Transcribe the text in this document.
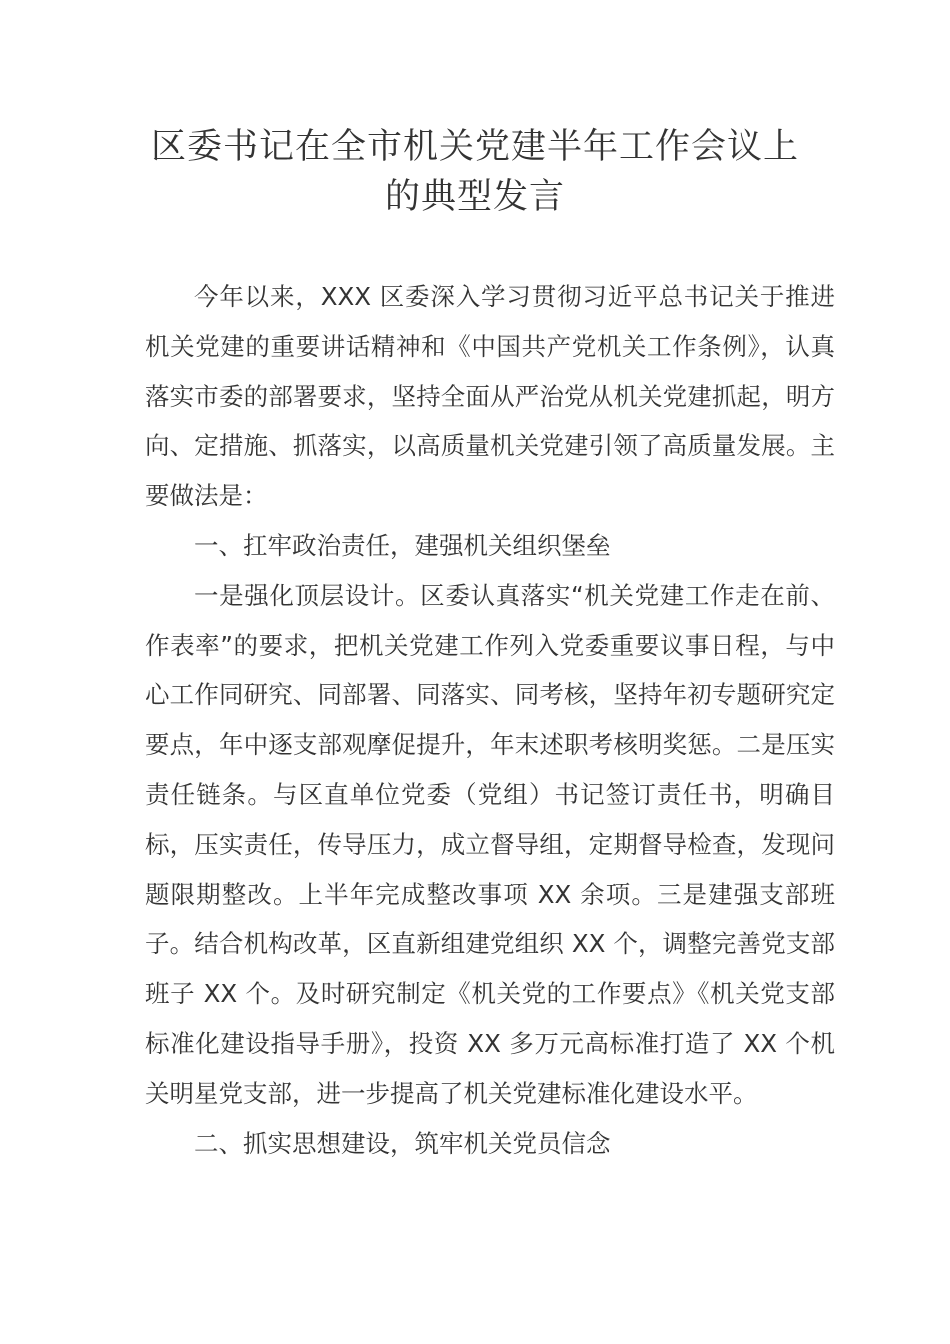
区委书记在全市机关党建半年工作会议上
的典型发言

今年以来，XXX 区委深入学习贯彻习近平总书记关于推进机关党建的重要讲话精神和《中国共产党机关工作条例》，认真落实市委的部署要求，坚持全面从严治党从机关党建抓起，明方向、定措施、抓落实，以高质量机关党建引领了高质量发展。主要做法是：

一、扛牢政治责任，建强机关组织堡垒

一是强化顶层设计。区委认真落实“机关党建工作走在前、作表率”的要求，把机关党建工作列入党委重要议事日程，与中心工作同研究、同部署、同落实、同考核，坚持年初专题研究定要点，年中逐支部观摩促提升，年末述职考核明奖惩。二是压实责任链条。与区直单位党委（党组）书记签订责任书，明确目标，压实责任，传导压力，成立督导组，定期督导检查，发现问题限期整改。上半年完成整改事项 XX 余项。三是建强支部班子。结合机构改革，区直新组建党组织 XX 个，调整完善党支部班子 XX 个。及时研究制定《机关党的工作要点》《机关党支部标准化建设指导手册》，投资 XX 多万元高标准打造了 XX 个机关明星党支部，进一步提高了机关党建标准化建设水平。

二、抓实思想建设，筑牢机关党员信念
